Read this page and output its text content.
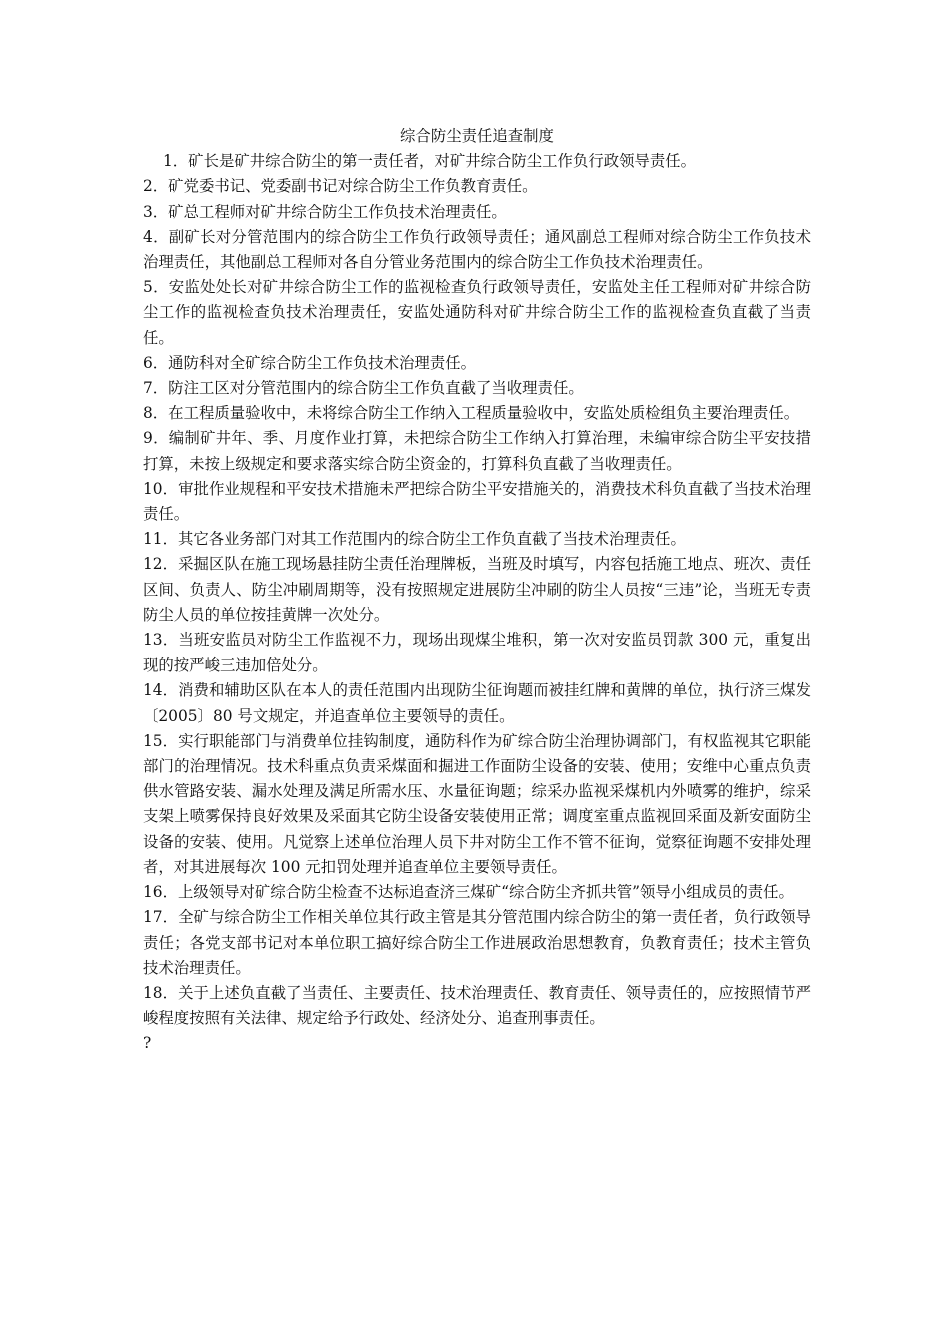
综合防尘责任追查制度

1．矿长是矿井综合防尘的第一责任者，对矿井综合防尘工作负行政领导责任。

2．矿党委书记、党委副书记对综合防尘工作负教育责任。

3．矿总工程师对矿井综合防尘工作负技术治理责任。

4．副矿长对分管范围内的综合防尘工作负行政领导责任；通风副总工程师对综合防尘工作负技术治理责任，其他副总工程师对各自分管业务范围内的综合防尘工作负技术治理责任。

5．安监处处长对矿井综合防尘工作的监视检查负行政领导责任，安监处主任工程师对矿井综合防尘工作的监视检查负技术治理责任，安监处通防科对矿井综合防尘工作的监视检查负直截了当责任。

6．通防科对全矿综合防尘工作负技术治理责任。

7．防注工区对分管范围内的综合防尘工作负直截了当收理责任。

8．在工程质量验收中，未将综合防尘工作纳入工程质量验收中，安监处质检组负主要治理责任。

9．编制矿井年、季、月度作业打算，未把综合防尘工作纳入打算治理，未编审综合防尘平安技措打算，未按上级规定和要求落实综合防尘资金的，打算科负直截了当收理责任。

10．审批作业规程和平安技术措施未严把综合防尘平安措施关的，消费技术科负直截了当技术治理责任。

11．其它各业务部门对其工作范围内的综合防尘工作负直截了当技术治理责任。

12．采掘区队在施工现场悬挂防尘责任治理牌板，当班及时填写，内容包括施工地点、班次、责任区间、负责人、防尘冲刷周期等，没有按照规定进展防尘冲刷的防尘人员按“三违”论，当班无专责防尘人员的单位按挂黄牌一次处分。

13．当班安监员对防尘工作监视不力，现场出现煤尘堆积，第一次对安监员罚款 300 元，重复出现的按严峻三违加倍处分。

14．消费和辅助区队在本人的责任范围内出现防尘征询题而被挂红牌和黄牌的单位，执行济三煤发〔2005〕80 号文规定，并追查单位主要领导的责任。

15．实行职能部门与消费单位挂钩制度，通防科作为矿综合防尘治理协调部门，有权监视其它职能部门的治理情况。技术科重点负责采煤面和掘进工作面防尘设备的安装、使用；安维中心重点负责供水管路安装、漏水处理及满足所需水压、水量征询题；综采办监视采煤机内外喷雾的维护，综采支架上喷雾保持良好效果及采面其它防尘设备安装使用正常；调度室重点监视回采面及新安面防尘设备的安装、使用。凡觉察上述单位治理人员下井对防尘工作不管不征询，觉察征询题不安排处理者，对其进展每次 100 元扣罚处理并追查单位主要领导责任。

16．上级领导对矿综合防尘检查不达标追查济三煤矿“综合防尘齐抓共管”领导小组成员的责任。

17．全矿与综合防尘工作相关单位其行政主管是其分管范围内综合防尘的第一责任者，负行政领导责任；各党支部书记对本单位职工搞好综合防尘工作进展政治思想教育，负教育责任；技术主管负技术治理责任。

18．关于上述负直截了当责任、主要责任、技术治理责任、教育责任、领导责任的，应按照情节严峻程度按照有关法律、规定给予行政处、经济处分、追查刑事责任。

?
